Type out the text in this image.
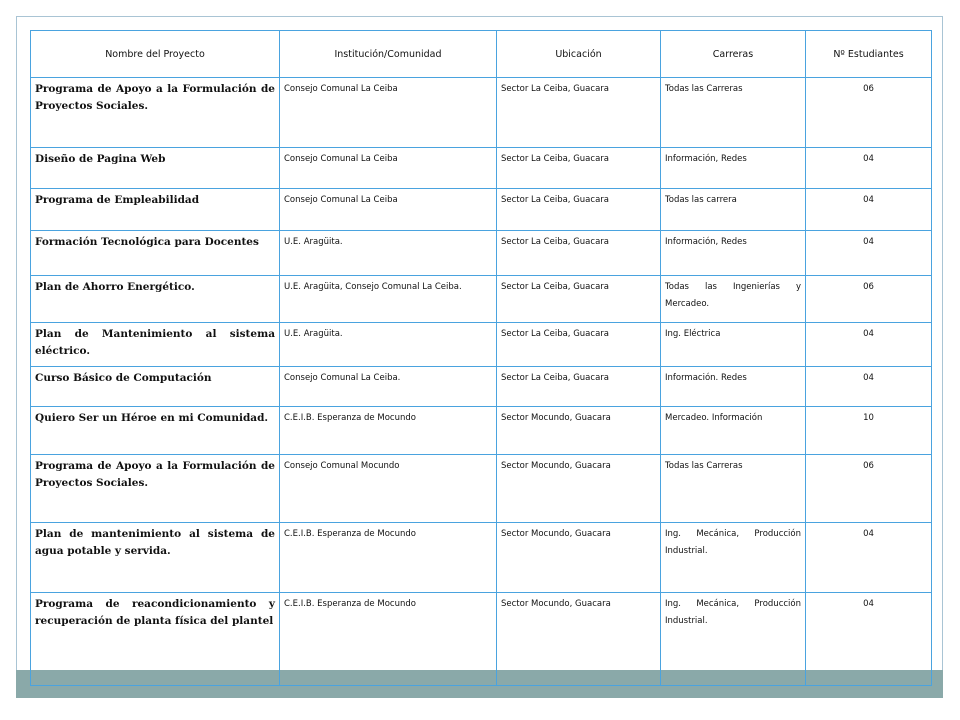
Nombre del Proyecto	Institución/Comunidad	Ubicación	Carreras	Nº Estudiantes
Programa de Apoyo a la Formulación de Proyectos Sociales.	Consejo Comunal La Ceiba	Sector La Ceiba, Guacara	Todas las Carreras	06
Diseño de Pagina Web	Consejo Comunal La Ceiba	Sector La Ceiba, Guacara	Información, Redes	04
Programa de Empleabilidad	Consejo Comunal La Ceiba	Sector La Ceiba, Guacara	Todas las carrera	04
Formación Tecnológica para Docentes	U.E. Aragüita.	Sector La Ceiba, Guacara	Información, Redes	04
Plan de Ahorro Energético.	U.E. Aragüita, Consejo Comunal La Ceiba.	Sector La Ceiba, Guacara	Todas las Ingenierías y Mercadeo.	06
Plan de Mantenimiento al sistema eléctrico.	U.E. Aragüita.	Sector La Ceiba, Guacara	Ing. Eléctrica	04
Curso Básico de Computación	Consejo Comunal La Ceiba.	Sector La Ceiba, Guacara	Información. Redes	04
Quiero Ser un Héroe en mi Comunidad.	C.E.I.B. Esperanza de Mocundo	Sector Mocundo, Guacara	Mercadeo. Información	10
Programa de Apoyo a la Formulación de Proyectos Sociales.	Consejo Comunal Mocundo	Sector Mocundo, Guacara	Todas las Carreras	06
Plan de mantenimiento al sistema de agua potable y servida.	C.E.I.B. Esperanza de Mocundo	Sector Mocundo, Guacara	Ing. Mecánica, Producción Industrial.	04
Programa de reacondicionamiento y recuperación de planta física del plantel	C.E.I.B. Esperanza de Mocundo	Sector Mocundo, Guacara	Ing. Mecánica, Producción Industrial.	04
